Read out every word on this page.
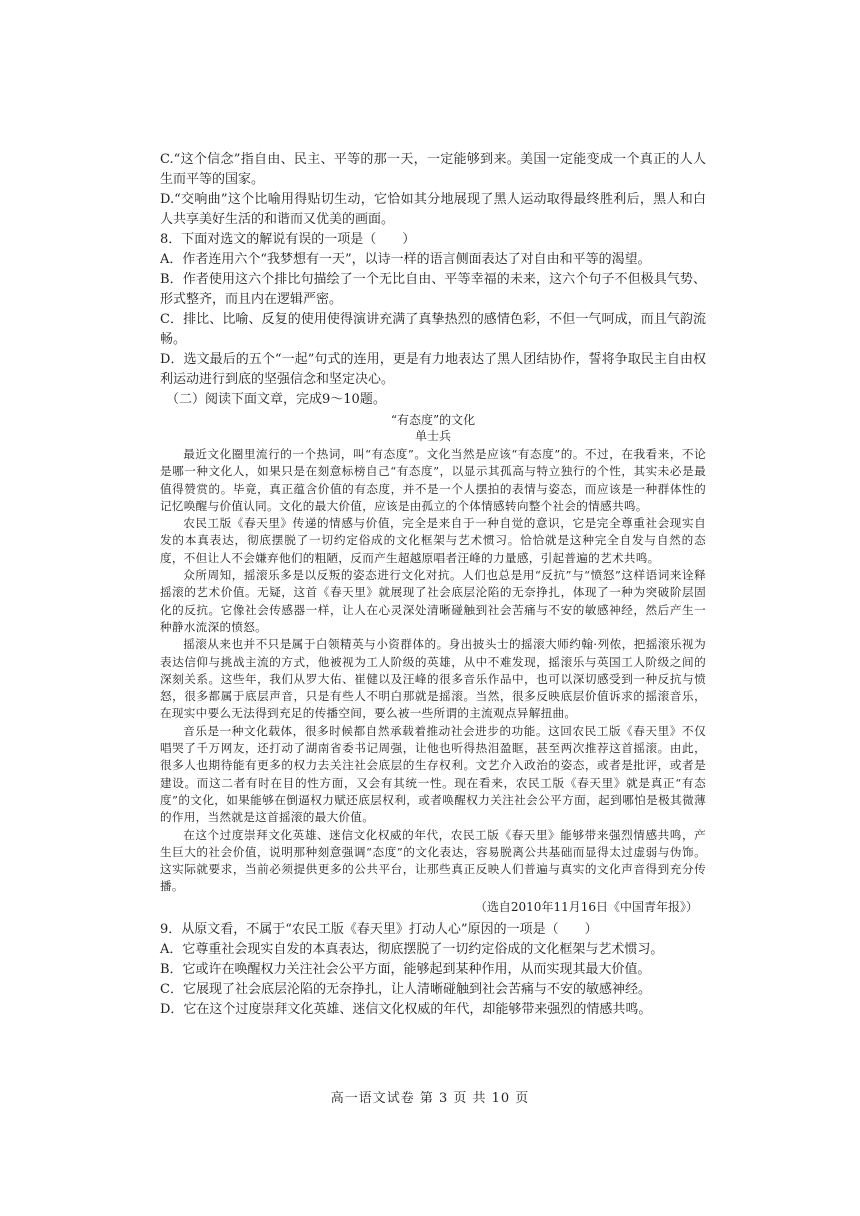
C.“这个信念”指自由、民主、平等的那一天，一定能够到来。美国一定能变成一个真正的人人生而平等的国家。

D.“交响曲”这个比喻用得贴切生动，它恰如其分地展现了黑人运动取得最终胜利后，黑人和白人共享美好生活的和谐而又优美的画面。

8．下面对选文的解说有误的一项是（　　）

A．作者连用六个“我梦想有一天”，以诗一样的语言侧面表达了对自由和平等的渴望。

B．作者使用这六个排比句描绘了一个无比自由、平等幸福的未来，这六个句子不但极具气势、形式整齐，而且内在逻辑严密。

C．排比、比喻、反复的使用使得演讲充满了真挚热烈的感情色彩，不但一气呵成，而且气韵流畅。

D．选文最后的五个“一起”句式的连用，更是有力地表达了黑人团结协作，誓将争取民主自由权利运动进行到底的坚强信念和坚定决心。

（二）阅读下面文章，完成9～10题。

“有态度”的文化

单士兵

最近文化圈里流行的一个热词，叫“有态度”。文化当然是应该“有态度”的。不过，在我看来，不论是哪一种文化人，如果只是在刻意标榜自己“有态度”，以显示其孤高与特立独行的个性，其实未必是最值得赞赏的。毕竟，真正蕴含价值的有态度，并不是一个人摆拍的表情与姿态，而应该是一种群体性的记忆唤醒与价值认同。文化的最大价值，应该是由孤立的个体情感转向整个社会的情感共鸣。

农民工版《春天里》传递的情感与价值，完全是来自于一种自觉的意识，它是完全尊重社会现实自发的本真表达，彻底摆脱了一切约定俗成的文化框架与艺术惯习。恰恰就是这种完全自发与自然的态度，不但让人不会嫌弃他们的粗陋，反而产生超越原唱者汪峰的力量感，引起普遍的艺术共鸣。

众所周知，摇滚乐多是以反叛的姿态进行文化对抗。人们也总是用“反抗”与“愤怒”这样语词来诠释摇滚的艺术价值。无疑，这首《春天里》就展现了社会底层沦陷的无奈挣扎，体现了一种为突破阶层固化的反抗。它像社会传感器一样，让人在心灵深处清晰碰触到社会苦痛与不安的敏感神经，然后产生一种静水流深的愤怒。

摇滚从来也并不只是属于白领精英与小资群体的。身出披头士的摇滚大师约翰·列侬，把摇滚乐视为表达信仰与挑战主流的方式，他被视为工人阶级的英雄，从中不难发现，摇滚乐与英国工人阶级之间的深刻关系。这些年，我们从罗大佑、崔健以及汪峰的很多音乐作品中，也可以深切感受到一种反抗与愤怒，很多都属于底层声音，只是有些人不明白那就是摇滚。当然，很多反映底层价值诉求的摇滚音乐，在现实中要么无法得到充足的传播空间，要么被一些所谓的主流观点异解扭曲。

音乐是一种文化载体，很多时候都自然承载着推动社会进步的功能。这回农民工版《春天里》不仅唱哭了千万网友，还打动了湖南省委书记周强，让他也听得热泪盈眶，甚至两次推荐这首摇滚。由此，很多人也期待能有更多的权力去关注社会底层的生存权利。文艺介入政治的姿态，或者是批评，或者是建设。而这二者有时在目的性方面，又会有其统一性。现在看来，农民工版《春天里》就是真正“有态度”的文化，如果能够在倒逼权力赋还底层权利，或者唤醒权力关注社会公平方面，起到哪怕是极其微薄的作用，当然就是这首摇滚的最大价值。

在这个过度崇拜文化英雄、迷信文化权威的年代，农民工版《春天里》能够带来强烈情感共鸣，产生巨大的社会价值，说明那种刻意强调“态度”的文化表达，容易脱离公共基础而显得太过虚弱与伪饰。这实际就要求，当前必须提供更多的公共平台，让那些真正反映人们普遍与真实的文化声音得到充分传播。

（选自2010年11月16日《中国青年报》）

9．从原文看，不属于“农民工版《春天里》打动人心”原因的一项是（　　）

A．它尊重社会现实自发的本真表达，彻底摆脱了一切约定俗成的文化框架与艺术惯习。

B．它或许在唤醒权力关注社会公平方面，能够起到某种作用，从而实现其最大价值。

C．它展现了社会底层沦陷的无奈挣扎，让人清晰碰触到社会苦痛与不安的敏感神经。

D．它在这个过度崇拜文化英雄、迷信文化权威的年代，却能够带来强烈的情感共鸣。

高一语文试卷 第 3 页 共 10 页
